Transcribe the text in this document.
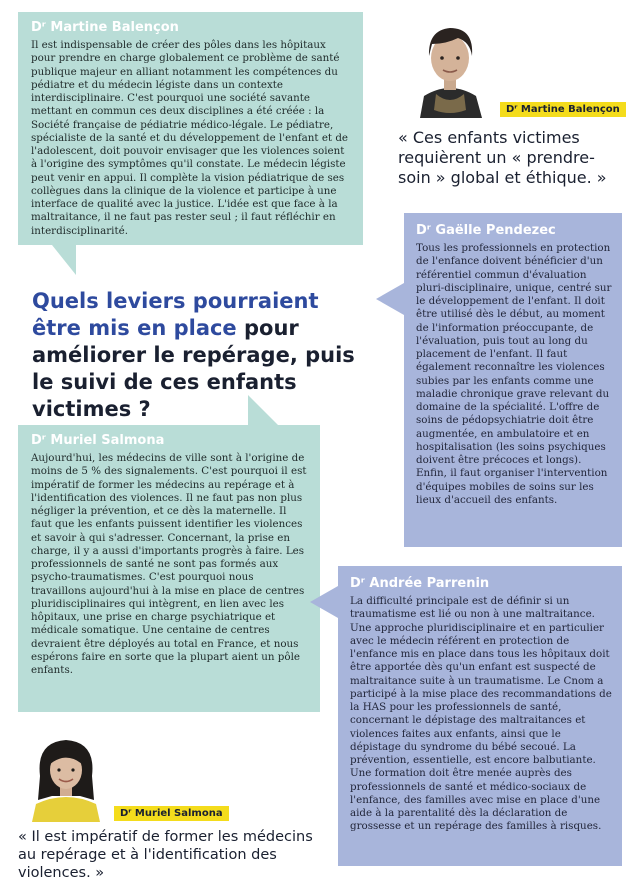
Dʳ Martine Balençon

Il est indispensable de créer des pôles dans les hôpitaux pour prendre en charge globalement ce problème de santé publique majeur en alliant notamment les compétences du pédiatre et du médecin légiste dans un contexte interdisciplinaire. C'est pourquoi une société savante mettant en commun ces deux disciplines a été créée : la Société française de pédiatrie médico-légale. Le pédiatre, spécialiste de la santé et du développement de l'enfant et de l'adolescent, doit pouvoir envisager que les violences soient à l'origine des symptômes qu'il constate. Le médecin légiste peut venir en appui. Il complète la vision pédiatrique de ses collègues dans la clinique de la violence et participe à une interface de qualité avec la justice. L'idée est que face à la maltraitance, il ne faut pas rester seul ; il faut réfléchir en interdisciplinarité.

Dʳ Martine Balençon

« Ces enfants victimes requièrent un « prendre-soin » global et éthique. »

Dʳ Gaëlle Pendezec

Tous les professionnels en protection de l'enfance doivent bénéficier d'un référentiel commun d'évaluation pluri-disciplinaire, unique, centré sur le développement de l'enfant. Il doit être utilisé dès le début, au moment de l'information préoccupante, de l'évaluation, puis tout au long du placement de l'enfant. Il faut également reconnaître les violences subies par les enfants comme une maladie chronique grave relevant du domaine de la spécialité. L'offre de soins de pédopsychiatrie doit être augmentée, en ambulatoire et en hospitalisation (les soins psychiques doivent être précoces et longs). Enfin, il faut organiser l'intervention d'équipes mobiles de soins sur les lieux d'accueil des enfants.

Quels leviers pourraient être mis en place pour améliorer le repérage, puis le suivi de ces enfants victimes ?

Dʳ Muriel Salmona

Aujourd'hui, les médecins de ville sont à l'origine de moins de 5 % des signalements. C'est pourquoi il est impératif de former les médecins au repérage et à l'identification des violences. Il ne faut pas non plus négliger la prévention, et ce dès la maternelle. Il faut que les enfants puissent identifier les violences et savoir à qui s'adresser. Concernant, la prise en charge, il y a aussi d'importants progrès à faire. Les professionnels de santé ne sont pas formés aux psycho-traumatismes. C'est pourquoi nous travaillons aujourd'hui à la mise en place de centres pluridisciplinaires qui intègrent, en lien avec les hôpitaux, une prise en charge psychiatrique et médicale somatique. Une centaine de centres devraient être déployés au total en France, et nous espérons faire en sorte que la plupart aient un pôle enfants.

Dʳ Andrée Parrenin

La difficulté principale est de définir si un traumatisme est lié ou non à une maltraitance. Une approche pluridisciplinaire et en particulier avec le médecin référent en protection de l'enfance mis en place dans tous les hôpitaux doit être apportée dès qu'un enfant est suspecté de maltraitance suite à un traumatisme. Le Cnom a participé à la mise place des recommandations de la HAS pour les professionnels de santé, concernant le dépistage des maltraitances et violences faites aux enfants, ainsi que le dépistage du syndrome du bébé secoué. La prévention, essentielle, est encore balbutiante. Une formation doit être menée auprès des professionnels de santé et médico-sociaux de l'enfance, des familles avec mise en place d'une aide à la parentalité dès la déclaration de grossesse et un repérage des familles à risques.

Dʳ Muriel Salmona

« Il est impératif de former les médecins au repérage et à l'identification des violences. »
